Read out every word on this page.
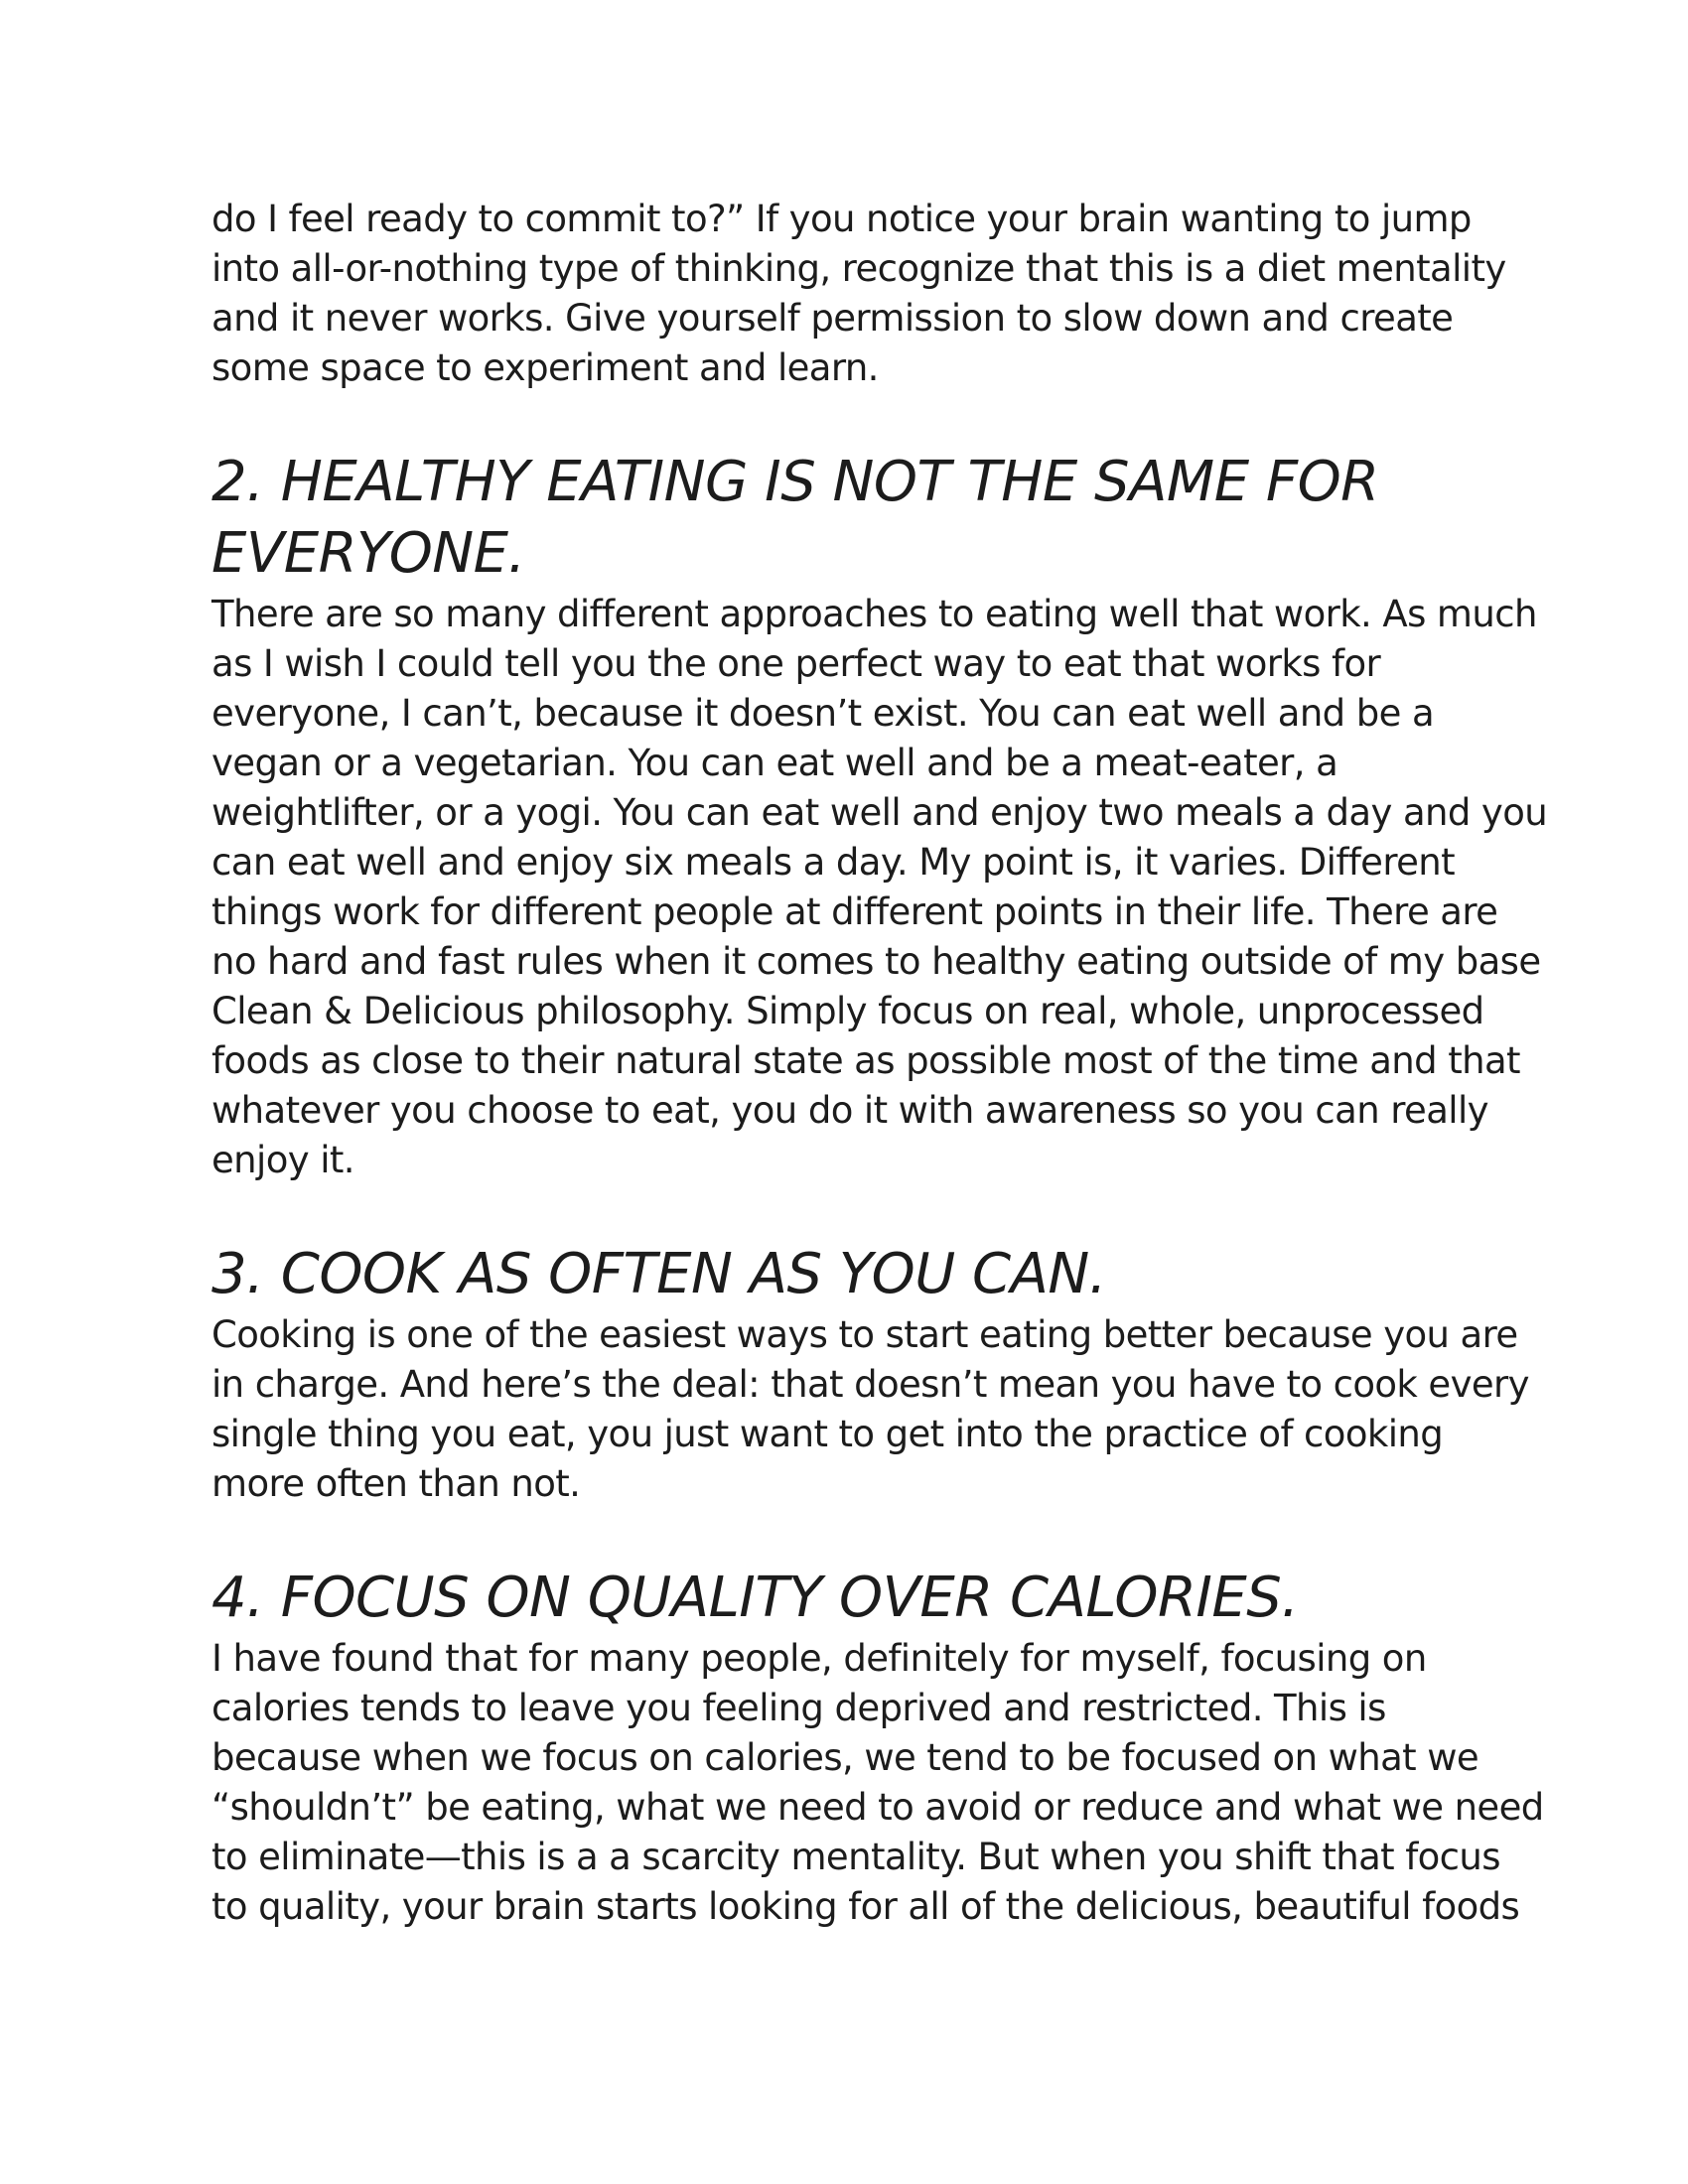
do I feel ready to commit to?” If you notice your brain wanting to jump
into all-or-nothing type of thinking, recognize that this is a diet mentality
and it never works. Give yourself permission to slow down and create
some space to experiment and learn.
2. HEALTHY EATING IS NOT THE SAME FOR
EVERYONE.
There are so many different approaches to eating well that work. As much
as I wish I could tell you the one perfect way to eat that works for
everyone, I can’t, because it doesn’t exist. You can eat well and be a
vegan or a vegetarian. You can eat well and be a meat-eater, a
weightlifter, or a yogi. You can eat well and enjoy two meals a day and you
can eat well and enjoy six meals a day. My point is, it varies. Different
things work for different people at different points in their life. There are
no hard and fast rules when it comes to healthy eating outside of my base
Clean & Delicious philosophy. Simply focus on real, whole, unprocessed
foods as close to their natural state as possible most of the time and that
whatever you choose to eat, you do it with awareness so you can really
enjoy it.
3. COOK AS OFTEN AS YOU CAN.
Cooking is one of the easiest ways to start eating better because you are
in charge. And here’s the deal: that doesn’t mean you have to cook every
single thing you eat, you just want to get into the practice of cooking
more often than not.
4. FOCUS ON QUALITY OVER CALORIES.
I have found that for many people, definitely for myself, focusing on
calories tends to leave you feeling deprived and restricted. This is
because when we focus on calories, we tend to be focused on what we
“shouldn’t” be eating, what we need to avoid or reduce and what we need
to eliminate—this is a a scarcity mentality. But when you shift that focus
to quality, your brain starts looking for all of the delicious, beautiful foods
